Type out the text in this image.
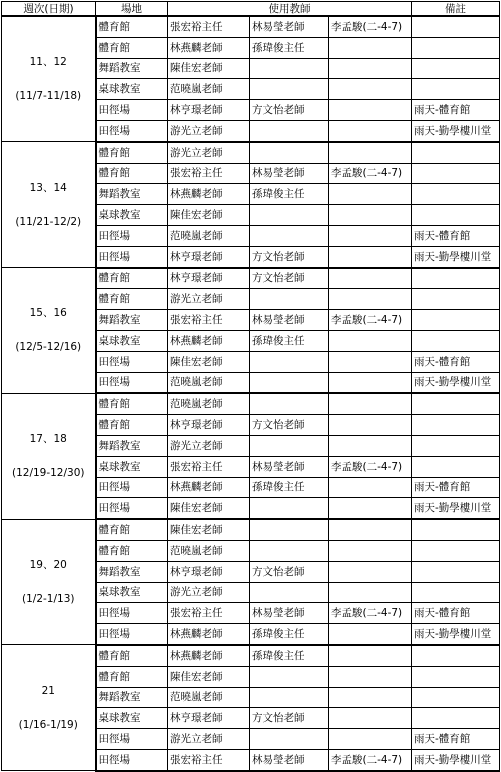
週次(日期)	場地	使用教師			備註

11、12
(11/7-11/18)	體育館	張宏裕主任	林易瑩老師	李孟駿(二-4-7)	
	體育館	林燕麟老師	孫瑋俊主任		
	舞蹈教室	陳佳宏老師			
	桌球教室	范曉嵐老師			
	田徑場	林亨璟老師	方文怡老師		雨天-體育館
	田徑場	游光立老師			雨天-勤學樓川堂

13、14
(11/21-12/2)	體育館	游光立老師			
	體育館	張宏裕主任	林易瑩老師	李孟駿(二-4-7)	
	舞蹈教室	林燕麟老師	孫瑋俊主任		
	桌球教室	陳佳宏老師			
	田徑場	范曉嵐老師			雨天-體育館
	田徑場	林亨璟老師	方文怡老師		雨天-勤學樓川堂

15、16
(12/5-12/16)	體育館	林亨璟老師	方文怡老師		
	體育館	游光立老師			
	舞蹈教室	張宏裕主任	林易瑩老師	李孟駿(二-4-7)	
	桌球教室	林燕麟老師	孫瑋俊主任		
	田徑場	陳佳宏老師			雨天-體育館
	田徑場	范曉嵐老師			雨天-勤學樓川堂

17、18
(12/19-12/30)	體育館	范曉嵐老師			
	體育館	林亨璟老師	方文怡老師		
	舞蹈教室	游光立老師			
	桌球教室	張宏裕主任	林易瑩老師	李孟駿(二-4-7)	
	田徑場	林燕麟老師	孫瑋俊主任		雨天-體育館
	田徑場	陳佳宏老師			雨天-勤學樓川堂

19、20
(1/2-1/13)	體育館	陳佳宏老師			
	體育館	范曉嵐老師			
	舞蹈教室	林亨璟老師	方文怡老師		
	桌球教室	游光立老師			
	田徑場	張宏裕主任	林易瑩老師	李孟駿(二-4-7)	雨天-體育館
	田徑場	林燕麟老師	孫瑋俊主任		雨天-勤學樓川堂

21
(1/16-1/19)	體育館	林燕麟老師	孫瑋俊主任		
	體育館	陳佳宏老師			
	舞蹈教室	范曉嵐老師			
	桌球教室	林亨璟老師	方文怡老師		
	田徑場	游光立老師			雨天-體育館
	田徑場	張宏裕主任	林易瑩老師	李孟駿(二-4-7)	雨天-勤學樓川堂
